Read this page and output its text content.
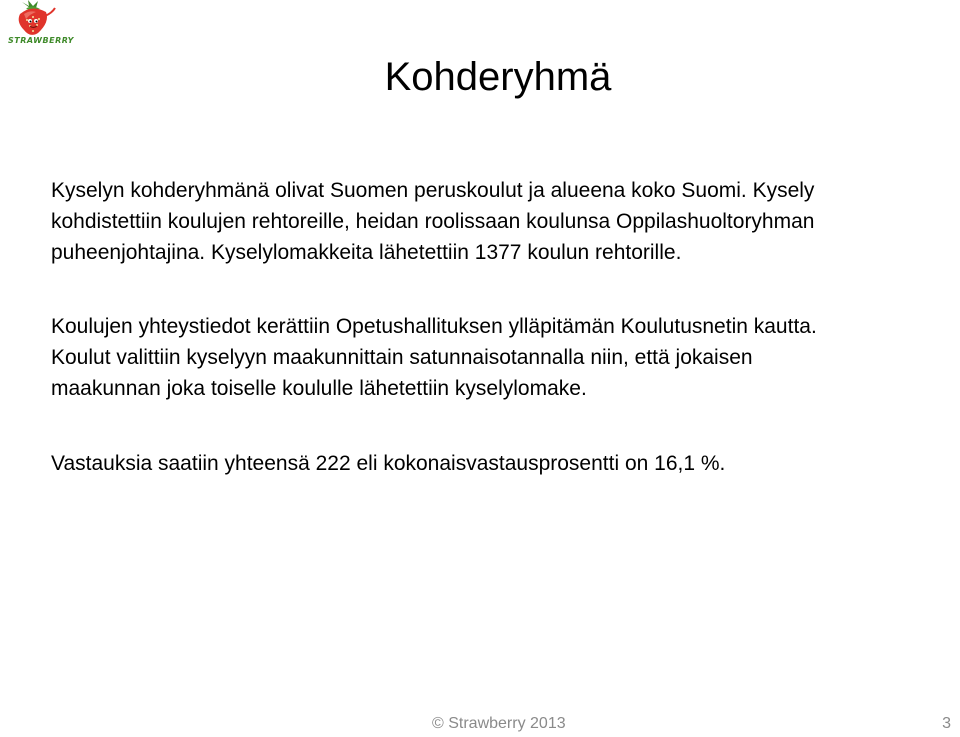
STRAWBERRY
Kohderyhmä

Kyselyn kohderyhmänä olivat Suomen peruskoulut ja alueena koko Suomi. Kysely
kohdistettiin koulujen rehtoreille, heidan roolissaan koulunsa Oppilashuoltoryhman
puheenjohtajina. Kyselylomakkeita lähetettiin 1377 koulun rehtorille.

Koulujen yhteystiedot kerättiin Opetushallituksen ylläpitämän Koulutusnetin kautta.
Koulut valittiin kyselyyn maakunnittain satunnaisotannalla niin, että jokaisen
maakunnan joka toiselle koululle lähetettiin kyselylomake.

Vastauksia saatiin yhteensä 222 eli kokonaisvastausprosentti on 16,1 %.

© Strawberry 2013	3
